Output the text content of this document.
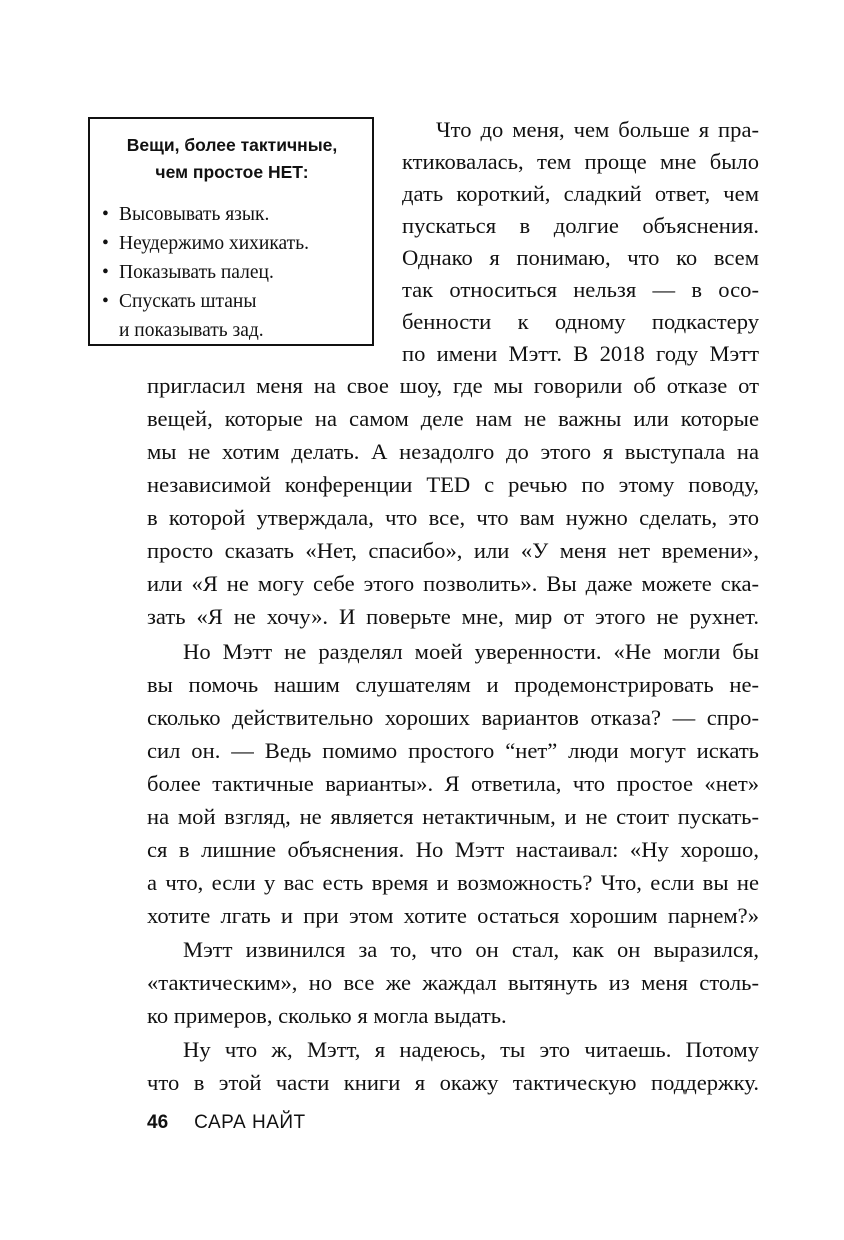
Вещи, более тактичные,
чем простое НЕТ:
• Высовывать язык.
• Неудержимо хихикать.
• Показывать палец.
• Спускать штаны
и показывать зад.
Что до меня, чем больше я пра-
ктиковалась, тем проще мне было
дать короткий, сладкий ответ, чем
пускаться в долгие объяснения.
Однако я понимаю, что ко всем
так относиться нельзя — в осо-
бенности к одному подкастеру
по имени Мэтт. В 2018 году Мэтт
пригласил меня на свое шоу, где мы говорили об отказе от
вещей, которые на самом деле нам не важны или которые
мы не хотим делать. А незадолго до этого я выступала на
независимой конференции TED с речью по этому поводу,
в которой утверждала, что все, что вам нужно сделать, это
просто сказать «Нет, спасибо», или «У меня нет времени»,
или «Я не могу себе этого позволить». Вы даже можете ска-
зать «Я не хочу». И поверьте мне, мир от этого не рухнет.
Но Мэтт не разделял моей уверенности. «Не могли бы
вы помочь нашим слушателям и продемонстрировать не-
сколько действительно хороших вариантов отказа? — спро-
сил он. — Ведь помимо простого “нет” люди могут искать
более тактичные варианты». Я ответила, что простое «нет»
на мой взгляд, не является нетактичным, и не стоит пускать-
ся в лишние объяснения. Но Мэтт настаивал: «Ну хорошо,
а что, если у вас есть время и возможность? Что, если вы не
хотите лгать и при этом хотите остаться хорошим парнем?»
Мэтт извинился за то, что он стал, как он выразился,
«тактическим», но все же жаждал вытянуть из меня столь-
ко примеров, сколько я могла выдать.
Ну что ж, Мэтт, я надеюсь, ты это читаешь. Потому
что в этой части книги я окажу тактическую поддержку.
46 САРА НАЙТ
